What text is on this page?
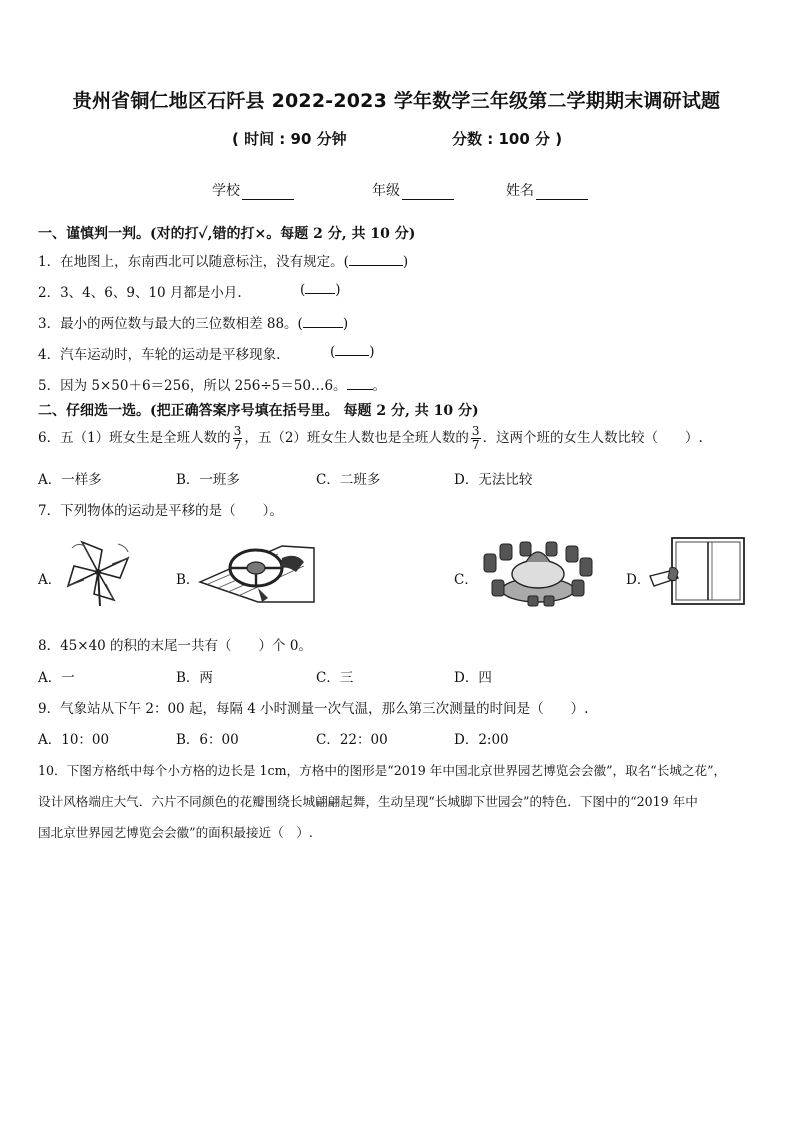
贵州省铜仁地区石阡县 2022-2023 学年数学三年级第二学期期末调研试题
( 时间 : 90 分钟	分数 : 100 分 )
学校	年级	姓名
一、谨慎判一判。(对的打✓,错的打×。每题 2 分, 共 10 分)
1．在地图上，东南西北可以随意标注，没有规定。(	)
2．3、4、6、9、10 月都是小月.	( )
3．最小的两位数与最大的三位数相差 88。(	)
4．汽车运动时，车轮的运动是平移现象.	(	)
5．因为 5×50＋6＝256，所以 256÷5＝50…6。 。
二、仔细选一选。(把正确答案序号填在括号里。 每题 2 分, 共 10 分)
6．五（1）班女生是全班人数的 $\frac{3}{7}$ ，五（2）班女生人数也是全班人数的 $\frac{3}{7}$ ．这两个班的女生人数比较（　　）.
A．一样多	B．一班多	C．二班多	D．无法比较
7．下列物体的运动是平移的是（　　）。
A．	B．	C．	D．
8．45×40 的积的末尾一共有（　　）个 0。
A．一	B．两	C．三	D．四
9．气象站从下午 2：00 起，每隔 4 小时测量一次气温，那么第三次测量的时间是（　　）.
A．10：00	B．6：00	C．22：00	D．2:00
10．下图方格纸中每个小方格的边长是 1cm，方格中的图形是“2019 年中国北京世界园艺博览会会徽”，取名“长城之花”，
设计风格端庄大气．六片不同颜色的花瓣围绕长城翩翩起舞，生动呈现“长城脚下世园会”的特色．下图中的“2019 年中
国北京世界园艺博览会会徽”的面积最接近（　）.
